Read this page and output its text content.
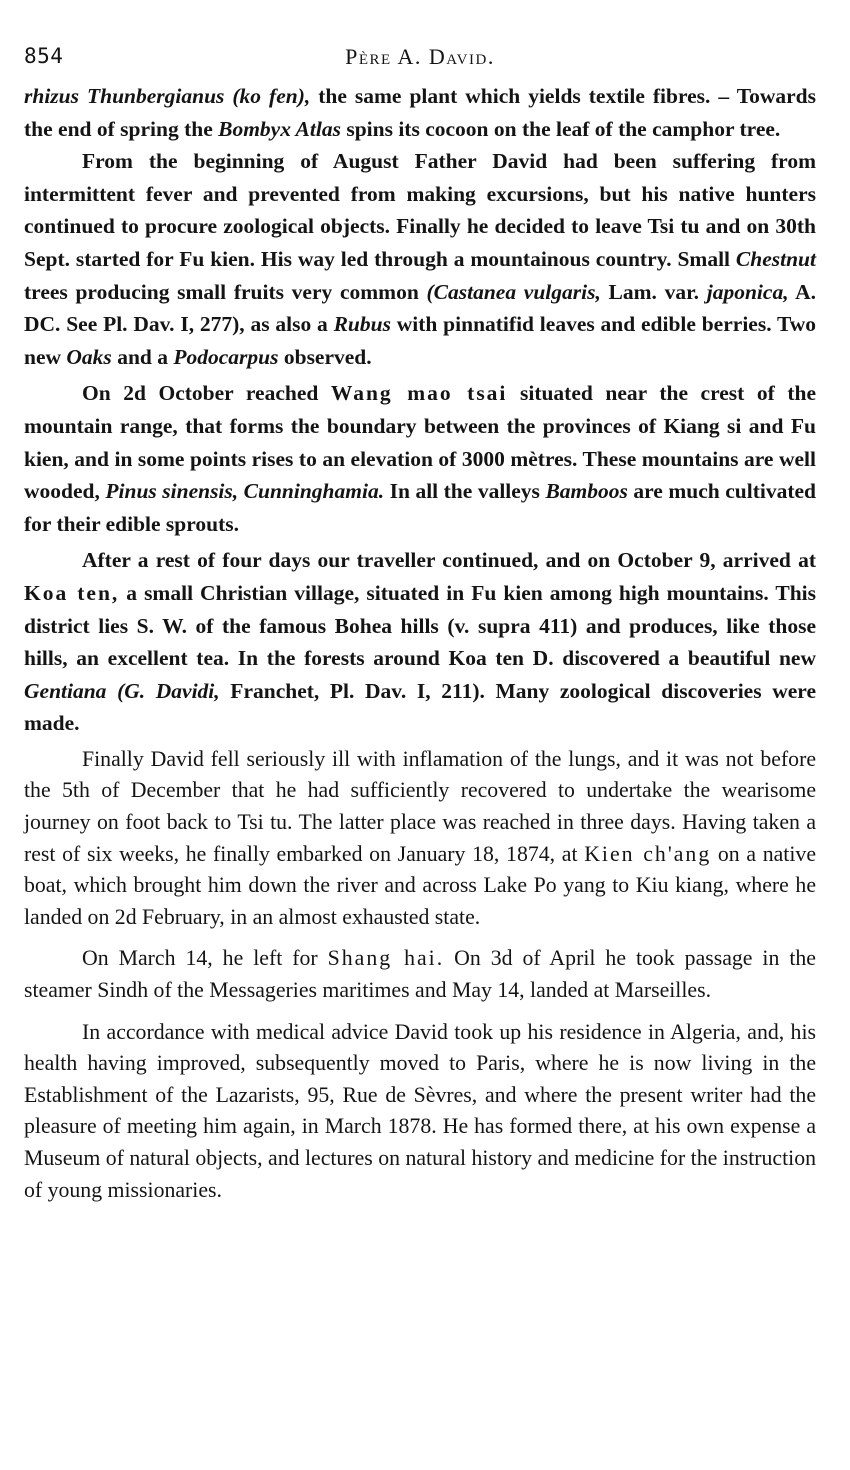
854	Père A. David.

rhizus Thunbergianus (ko fen), the same plant which yields textile fibres. – Towards the end of spring the Bombyx Atlas spins its cocoon on the leaf of the camphor tree.

From the beginning of August Father David had been suffering from intermittent fever and prevented from making excursions, but his native hunters continued to procure zoological objects. Finally he decided to leave Tsi tu and on 30th Sept. started for Fu kien. His way led through a mountainous country. Small Chestnut trees producing small fruits very common (Castanea vulgaris, Lam. var. japonica, A. DC. See Pl. Dav. I, 277), as also a Rubus with pinnatifid leaves and edible berries. Two new Oaks and a Podocarpus observed.

On 2d October reached Wang mao tsai situated near the crest of the mountain range, that forms the boundary between the provinces of Kiang si and Fu kien, and in some points rises to an elevation of 3000 mètres. These mountains are well wooded, Pinus sinensis, Cunninghamia. In all the valleys Bamboos are much cultivated for their edible sprouts.

After a rest of four days our traveller continued, and on October 9, arrived at Koa ten, a small Christian village, situated in Fu kien among high mountains. This district lies S. W. of the famous Bohea hills (v. supra 411) and produces, like those hills, an excellent tea. In the forests around Koa ten D. discovered a beautiful new Gentiana (G. Davidi, Franchet, Pl. Dav. I, 211). Many zoological discoveries were made.

Finally David fell seriously ill with inflamation of the lungs, and it was not before the 5th of December that he had sufficiently recovered to undertake the wearisome journey on foot back to Tsi tu. The latter place was reached in three days. Having taken a rest of six weeks, he finally embarked on January 18, 1874, at Kien ch'ang on a native boat, which brought him down the river and across Lake Po yang to Kiu kiang, where he landed on 2d February, in an almost exhausted state.

On March 14, he left for Shang hai. On 3d of April he took passage in the steamer Sindh of the Messageries maritimes and May 14, landed at Marseilles.

In accordance with medical advice David took up his residence in Algeria, and, his health having improved, subsequently moved to Paris, where he is now living in the Establishment of the Lazarists, 95, Rue de Sèvres, and where the present writer had the pleasure of meeting him again, in March 1878. He has formed there, at his own expense a Museum of natural objects, and lectures on natural history and medicine for the instruction of young missionaries.
